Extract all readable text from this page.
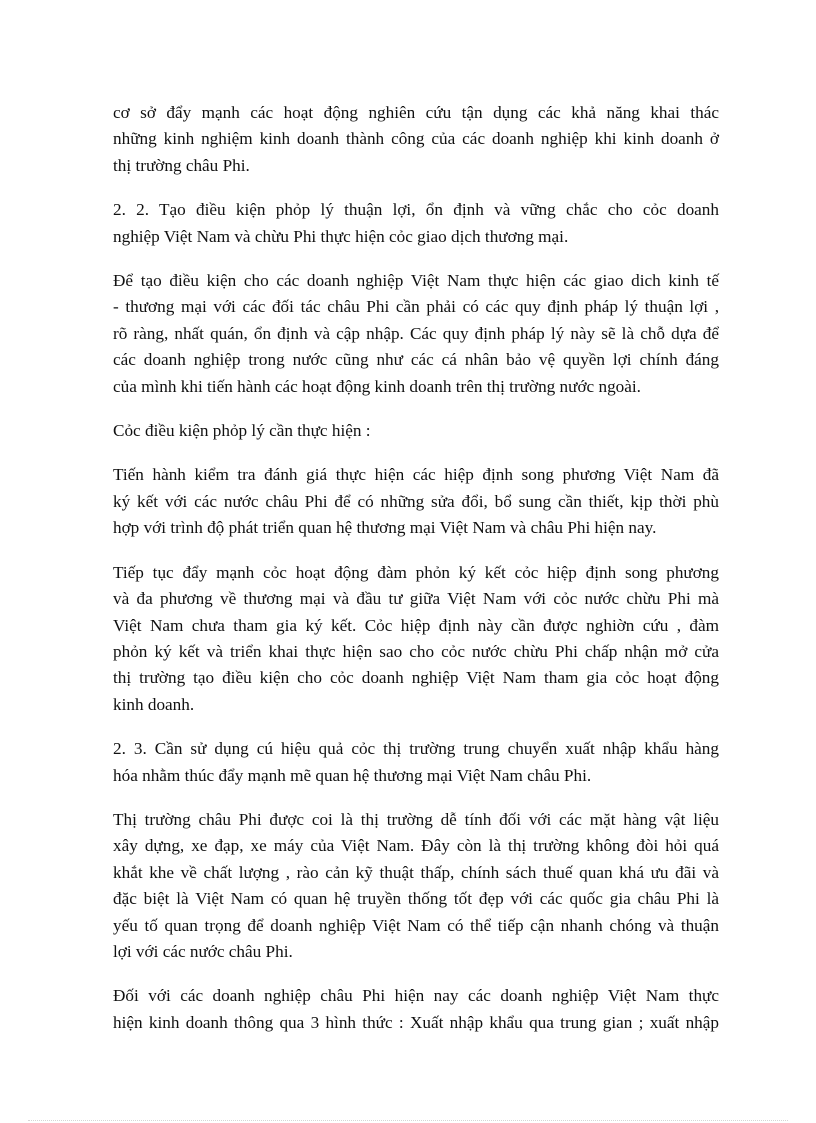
cơ sở đẩy mạnh các hoạt động nghiên cứu tận dụng các khả năng khai thác
những kinh nghiệm kinh doanh thành công của các doanh nghiệp khi kinh doanh ở
thị trường châu Phi.

2. 2. Tạo điều kiện phỏp lý thuận lợi, ổn định và vững chắc cho cỏc doanh
nghiệp Việt Nam và chừu Phi thực hiện cỏc giao dịch thương mại.

Để tạo điều kiện cho các doanh nghiệp Việt Nam thực hiện các giao dich kinh tế
- thương mại với các đối tác châu Phi cần phải có các quy định pháp lý thuận lợi ,
rõ ràng, nhất quán, ổn định và cập nhập. Các quy định pháp lý này sẽ là chỗ dựa để
các doanh nghiệp trong nước cũng như các cá nhân bảo vệ quyền lợi chính đáng
của mình khi tiến hành các hoạt động kinh doanh trên thị trường nước ngoài.

Cỏc điều kiện phỏp lý cần thực hiện :

Tiến hành kiểm tra đánh giá thực hiện các hiệp định song phương Việt Nam đã
ký kết với các nước châu Phi để có những sửa đổi, bổ sung cần thiết, kịp thời phù
hợp với trình độ phát triển quan hệ thương mại Việt Nam và châu Phi hiện nay.

Tiếp tục đẩy mạnh cỏc hoạt động đàm phỏn ký kết cỏc hiệp định song phương
và đa phương về thương mại và đầu tư giữa Việt Nam với cỏc nước chừu Phi mà
Việt Nam chưa tham gia ký kết. Cỏc hiệp định này cần được nghiờn cứu , đàm
phỏn ký kết và triển khai thực hiện sao cho cỏc nước chừu Phi chấp nhận mở cửa
thị trường tạo điều kiện cho cỏc doanh nghiệp Việt Nam tham gia cỏc hoạt động
kinh doanh.

2. 3. Cần sử dụng cú hiệu quả cỏc thị trường trung chuyển xuất nhập khẩu hàng
hóa nhằm thúc đẩy mạnh mẽ quan hệ thương mại Việt Nam châu Phi.

Thị trường châu Phi được coi là thị trường dễ tính đối với các mặt hàng vật liệu
xây dựng, xe đạp, xe máy của Việt Nam. Đây còn là thị trường không đòi hỏi quá
khắt khe về chất lượng , rào cản kỹ thuật thấp, chính sách thuế quan khá ưu đãi và
đặc biệt là Việt Nam có quan hệ truyền thống tốt đẹp với các quốc gia châu Phi là
yếu tố quan trọng để doanh nghiệp Việt Nam có thể tiếp cận nhanh chóng và thuận
lợi với các nước châu Phi.

Đối với các doanh nghiệp châu Phi hiện nay các doanh nghiệp Việt Nam thực
hiện kinh doanh thông qua 3 hình thức : Xuất nhập khẩu qua trung gian ; xuất nhập
